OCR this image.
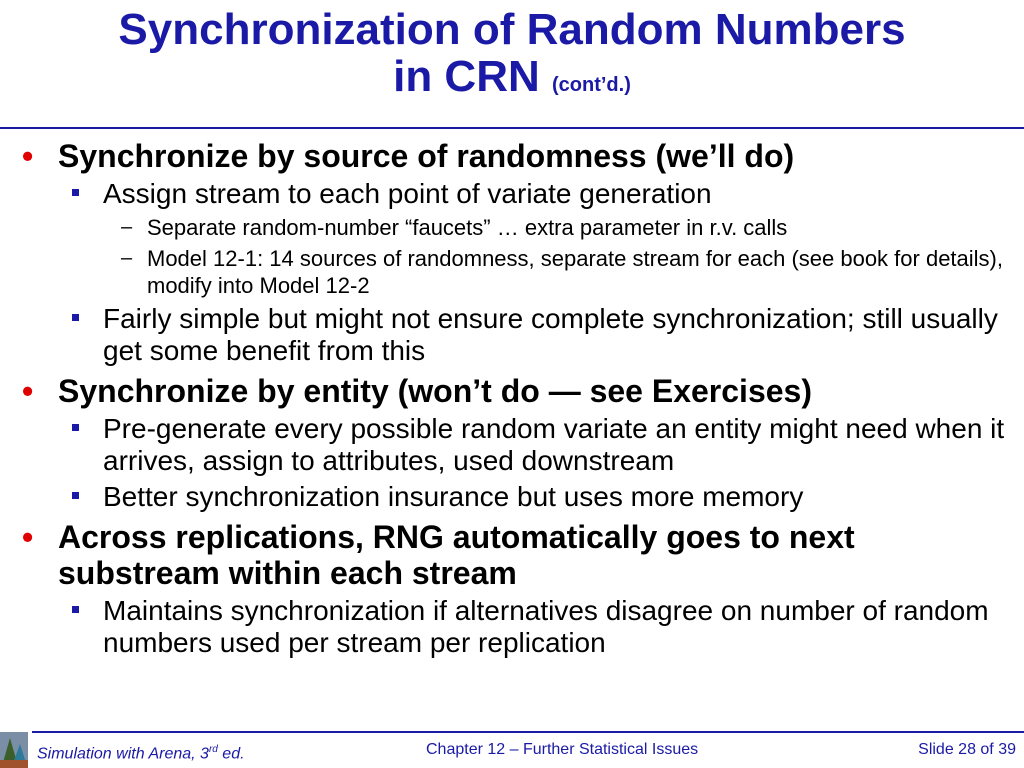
Synchronization of Random Numbers
in CRN (cont’d.)
• Synchronize by source of randomness (we’ll do)
Assign stream to each point of variate generation
– Separate random-number “faucets” … extra parameter in r.v. calls
– Model 12-1: 14 sources of randomness, separate stream for each (see book for details), modify into Model 12-2
Fairly simple but might not ensure complete synchronization; still usually get some benefit from this
• Synchronize by entity (won’t do — see Exercises)
Pre-generate every possible random variate an entity might need when it arrives, assign to attributes, used downstream
Better synchronization insurance but uses more memory
• Across replications, RNG automatically goes to next substream within each stream
Maintains synchronization if alternatives disagree on number of random numbers used per stream per replication
Simulation with Arena, 3rd ed.	Chapter 12 – Further Statistical Issues	Slide 28 of 39
